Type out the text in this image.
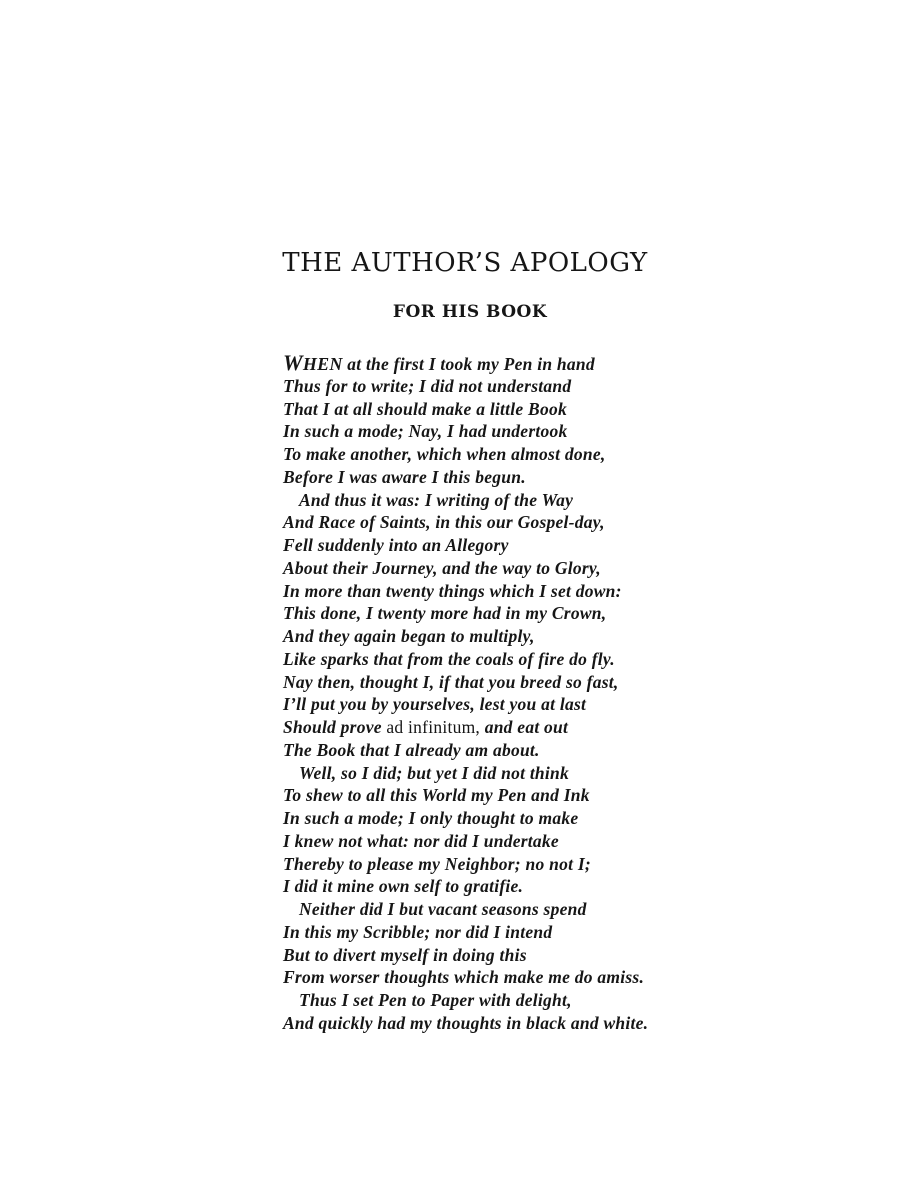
THE AUTHOR’S APOLOGY
FOR HIS BOOK
WHEN at the first I took my Pen in hand
Thus for to write; I did not understand
That I at all should make a little Book
In such a mode; Nay, I had undertook
To make another, which when almost done,
Before I was aware I this begun.
And thus it was: I writing of the Way
And Race of Saints, in this our Gospel-day,
Fell suddenly into an Allegory
About their Journey, and the way to Glory,
In more than twenty things which I set down:
This done, I twenty more had in my Crown,
And they again began to multiply,
Like sparks that from the coals of fire do fly.
Nay then, thought I, if that you breed so fast,
I’ll put you by yourselves, lest you at last
Should prove ad infinitum, and eat out
The Book that I already am about.
Well, so I did; but yet I did not think
To shew to all this World my Pen and Ink
In such a mode; I only thought to make
I knew not what: nor did I undertake
Thereby to please my Neighbor; no not I;
I did it mine own self to gratifie.
Neither did I but vacant seasons spend
In this my Scribble; nor did I intend
But to divert myself in doing this
From worser thoughts which make me do amiss.
Thus I set Pen to Paper with delight,
And quickly had my thoughts in black and white.
